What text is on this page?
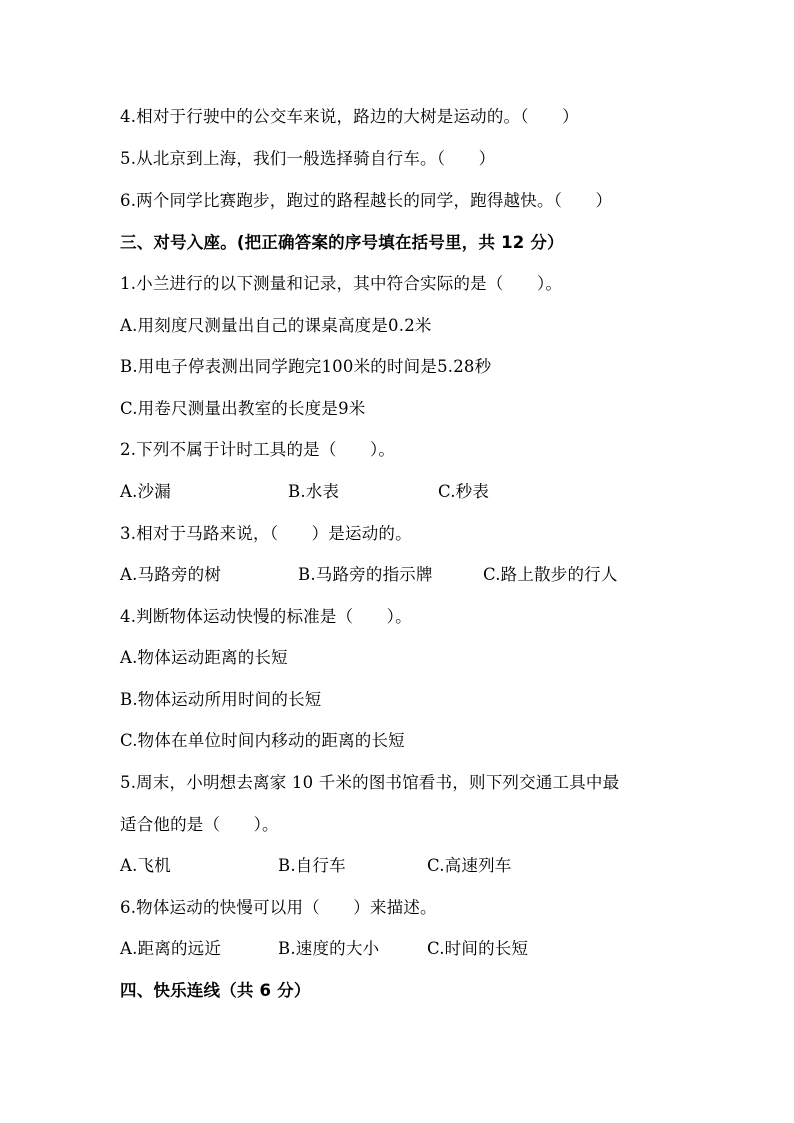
4.相对于行驶中的公交车来说，路边的大树是运动的。（　　）
5.从北京到上海，我们一般选择骑自行车。（　　）
6.两个同学比赛跑步，跑过的路程越长的同学，跑得越快。（　　）
三、对号入座。(把正确答案的序号填在括号里，共 12 分）
1.小兰进行的以下测量和记录，其中符合实际的是（　　）。
A.用刻度尺测量出自己的课桌高度是0.2米
B.用电子停表测出同学跑完100米的时间是5.28秒
C.用卷尺测量出教室的长度是9米
2.下列不属于计时工具的是（　　）。

A.沙漏

	B.水表

	C.秒表

3.相对于马路来说，（　　）是运动的。

A.马路旁的树

	B.马路旁的指示牌

	C.路上散步的行人

4.判断物体运动快慢的标准是（　　）。
A.物体运动距离的长短
B.物体运动所用时间的长短
C.物体在单位时间内移动的距离的长短
5.周末，小明想去离家 10 千米的图书馆看书，则下列交通工具中最
适合他的是（　　）。

A.飞机

	B.自行车

	C.高速列车

6.物体运动的快慢可以用（　　）来描述。

A.距离的远近

	B.速度的大小

	C.时间的长短

四、快乐连线（共 6 分）
